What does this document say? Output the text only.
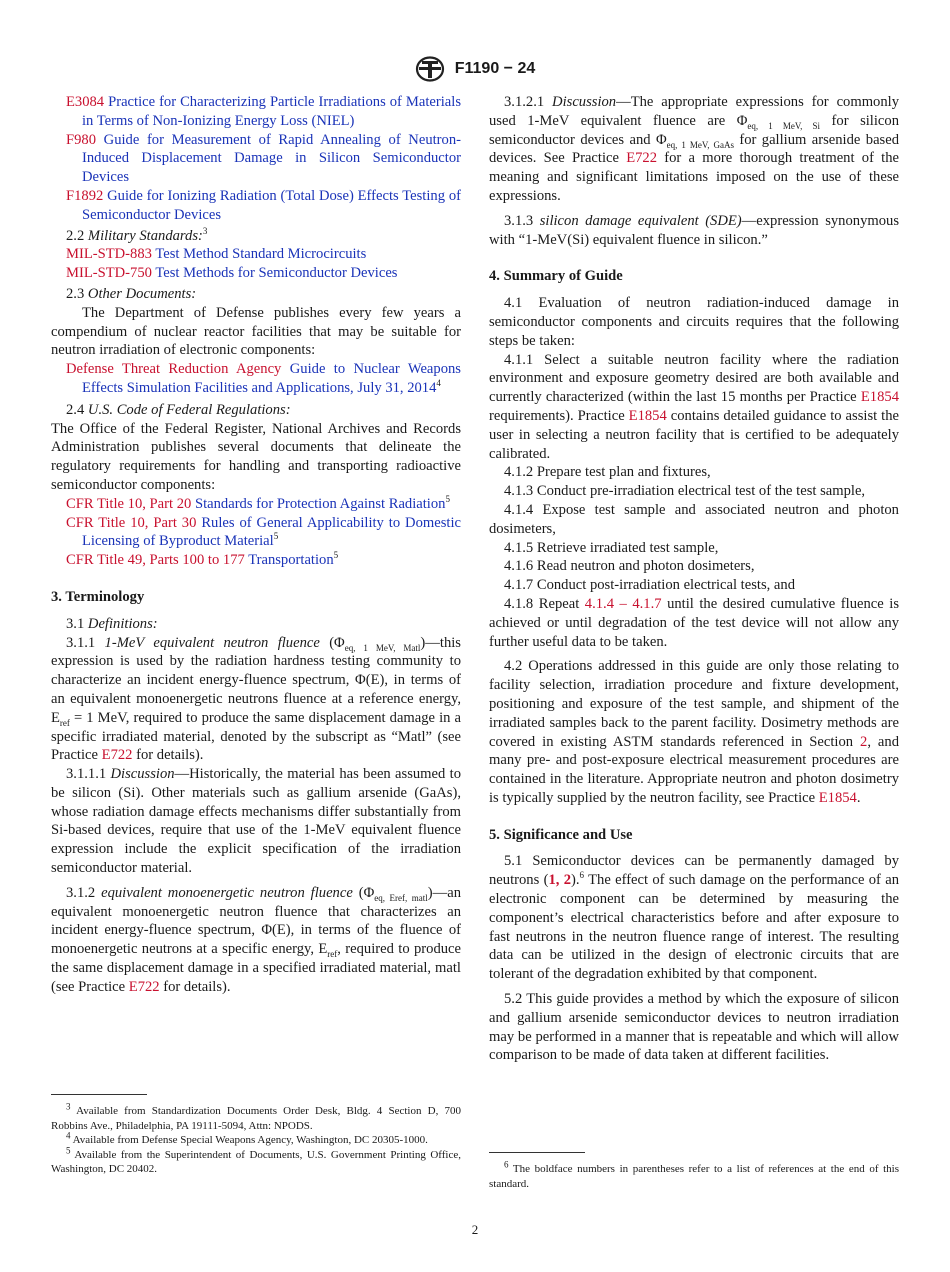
F1190 − 24

E3084 Practice for Characterizing Particle Irradiations of Materials in Terms of Non-Ionizing Energy Loss (NIEL)

F980 Guide for Measurement of Rapid Annealing of Neutron-Induced Displacement Damage in Silicon Semiconductor Devices

F1892 Guide for Ionizing Radiation (Total Dose) Effects Testing of Semiconductor Devices

2.2 Military Standards:$^3$

MIL-STD-883 Test Method Standard Microcircuits

MIL-STD-750 Test Methods for Semiconductor Devices

2.3 Other Documents:

The Department of Defense publishes every few years a compendium of nuclear reactor facilities that may be suitable for neutron irradiation of electronic components:

Defense Threat Reduction Agency Guide to Nuclear Weapons Effects Simulation Facilities and Applications, July 31, 2014$^4$

2.4 U.S. Code of Federal Regulations:

The Office of the Federal Register, National Archives and Records Administration publishes several documents that delineate the regulatory requirements for handling and transporting radioactive semiconductor components:

CFR Title 10, Part 20 Standards for Protection Against Radiation$^5$

CFR Title 10, Part 30 Rules of General Applicability to Domestic Licensing of Byproduct Material$^5$

CFR Title 49, Parts 100 to 177 Transportation$^5$

3. Terminology

3.1 Definitions:

3.1.1 1-MeV equivalent neutron fluence $(\Phi_{eq, 1 MeV, Matl})—this$ expression is used by the radiation hardness testing community to characterize an incident energy-fluence spectrum, Φ(E), in terms of an equivalent monoenergetic neutrons fluence at a reference energy, $E_{ref} = 1$ MeV, required to produce the same displacement damage in a specific irradiated material, denoted by the subscript as “Matl” (see Practice E722 for details).

3.1.1.1 Discussion—Historically, the material has been assumed to be silicon (Si). Other materials such as gallium arsenide (GaAs), whose radiation damage effects mechanisms differ substantially from Si-based devices, require that use of the 1-MeV equivalent fluence expression include the explicit specification of the irradiation semiconductor material.

3.1.2 equivalent monoenergetic neutron fluence $(\Phi_{eq, Eref, matl})—an$ equivalent monoenergetic neutron fluence that characterizes an incident energy-fluence spectrum, Φ(E), in terms of the fluence of monoenergetic neutrons at a specific energy, $E_{ref}$, required to produce the same displacement damage in a specified irradiated material, matl (see Practice E722 for details).

$^3$ Available from Standardization Documents Order Desk, Bldg. 4 Section D, 700 Robbins Ave., Philadelphia, PA 19111-5094, Attn: NPODS.

$^4$ Available from Defense Special Weapons Agency, Washington, DC 20305-1000.

$^5$ Available from the Superintendent of Documents, U.S. Government Printing Office, Washington, DC 20402.

3.1.2.1 Discussion—The appropriate expressions for commonly used 1-MeV equivalent fluence are $\Phi_{eq, 1 MeV, Si}$ for silicon semiconductor devices and $\Phi_{eq, 1 MeV, GaAs}$ for gallium arsenide based devices. See Practice E722 for a more thorough treatment of the meaning and significant limitations imposed on the use of these expressions.

3.1.3 silicon damage equivalent (SDE)—expression synonymous with “1-MeV(Si) equivalent fluence in silicon.”

4. Summary of Guide

4.1 Evaluation of neutron radiation-induced damage in semiconductor components and circuits requires that the following steps be taken:

4.1.1 Select a suitable neutron facility where the radiation environment and exposure geometry desired are both available and currently characterized (within the last 15 months per Practice E1854 requirements). Practice E1854 contains detailed guidance to assist the user in selecting a neutron facility that is certified to be adequately calibrated.

4.1.2 Prepare test plan and fixtures,

4.1.3 Conduct pre-irradiation electrical test of the test sample,

4.1.4 Expose test sample and associated neutron and photon dosimeters,

4.1.5 Retrieve irradiated test sample,

4.1.6 Read neutron and photon dosimeters,

4.1.7 Conduct post-irradiation electrical tests, and

4.1.8 Repeat 4.1.4 – 4.1.7 until the desired cumulative fluence is achieved or until degradation of the test device will not allow any further useful data to be taken.

4.2 Operations addressed in this guide are only those relating to facility selection, irradiation procedure and fixture development, positioning and exposure of the test sample, and shipment of the irradiated samples back to the parent facility. Dosimetry methods are covered in existing ASTM standards referenced in Section 2, and many pre- and post-exposure electrical measurement procedures are contained in the literature. Appropriate neutron and photon dosimetry is typically supplied by the neutron facility, see Practice E1854.

5. Significance and Use

5.1 Semiconductor devices can be permanently damaged by neutrons (1, 2).$^6$ The effect of such damage on the performance of an electronic component can be determined by measuring the component’s electrical characteristics before and after exposure to fast neutrons in the neutron fluence range of interest. The resulting data can be utilized in the design of electronic circuits that are tolerant of the degradation exhibited by that component.

5.2 This guide provides a method by which the exposure of silicon and gallium arsenide semiconductor devices to neutron irradiation may be performed in a manner that is repeatable and which will allow comparison to be made of data taken at different facilities.

$^6$ The boldface numbers in parentheses refer to a list of references at the end of this standard.

2
